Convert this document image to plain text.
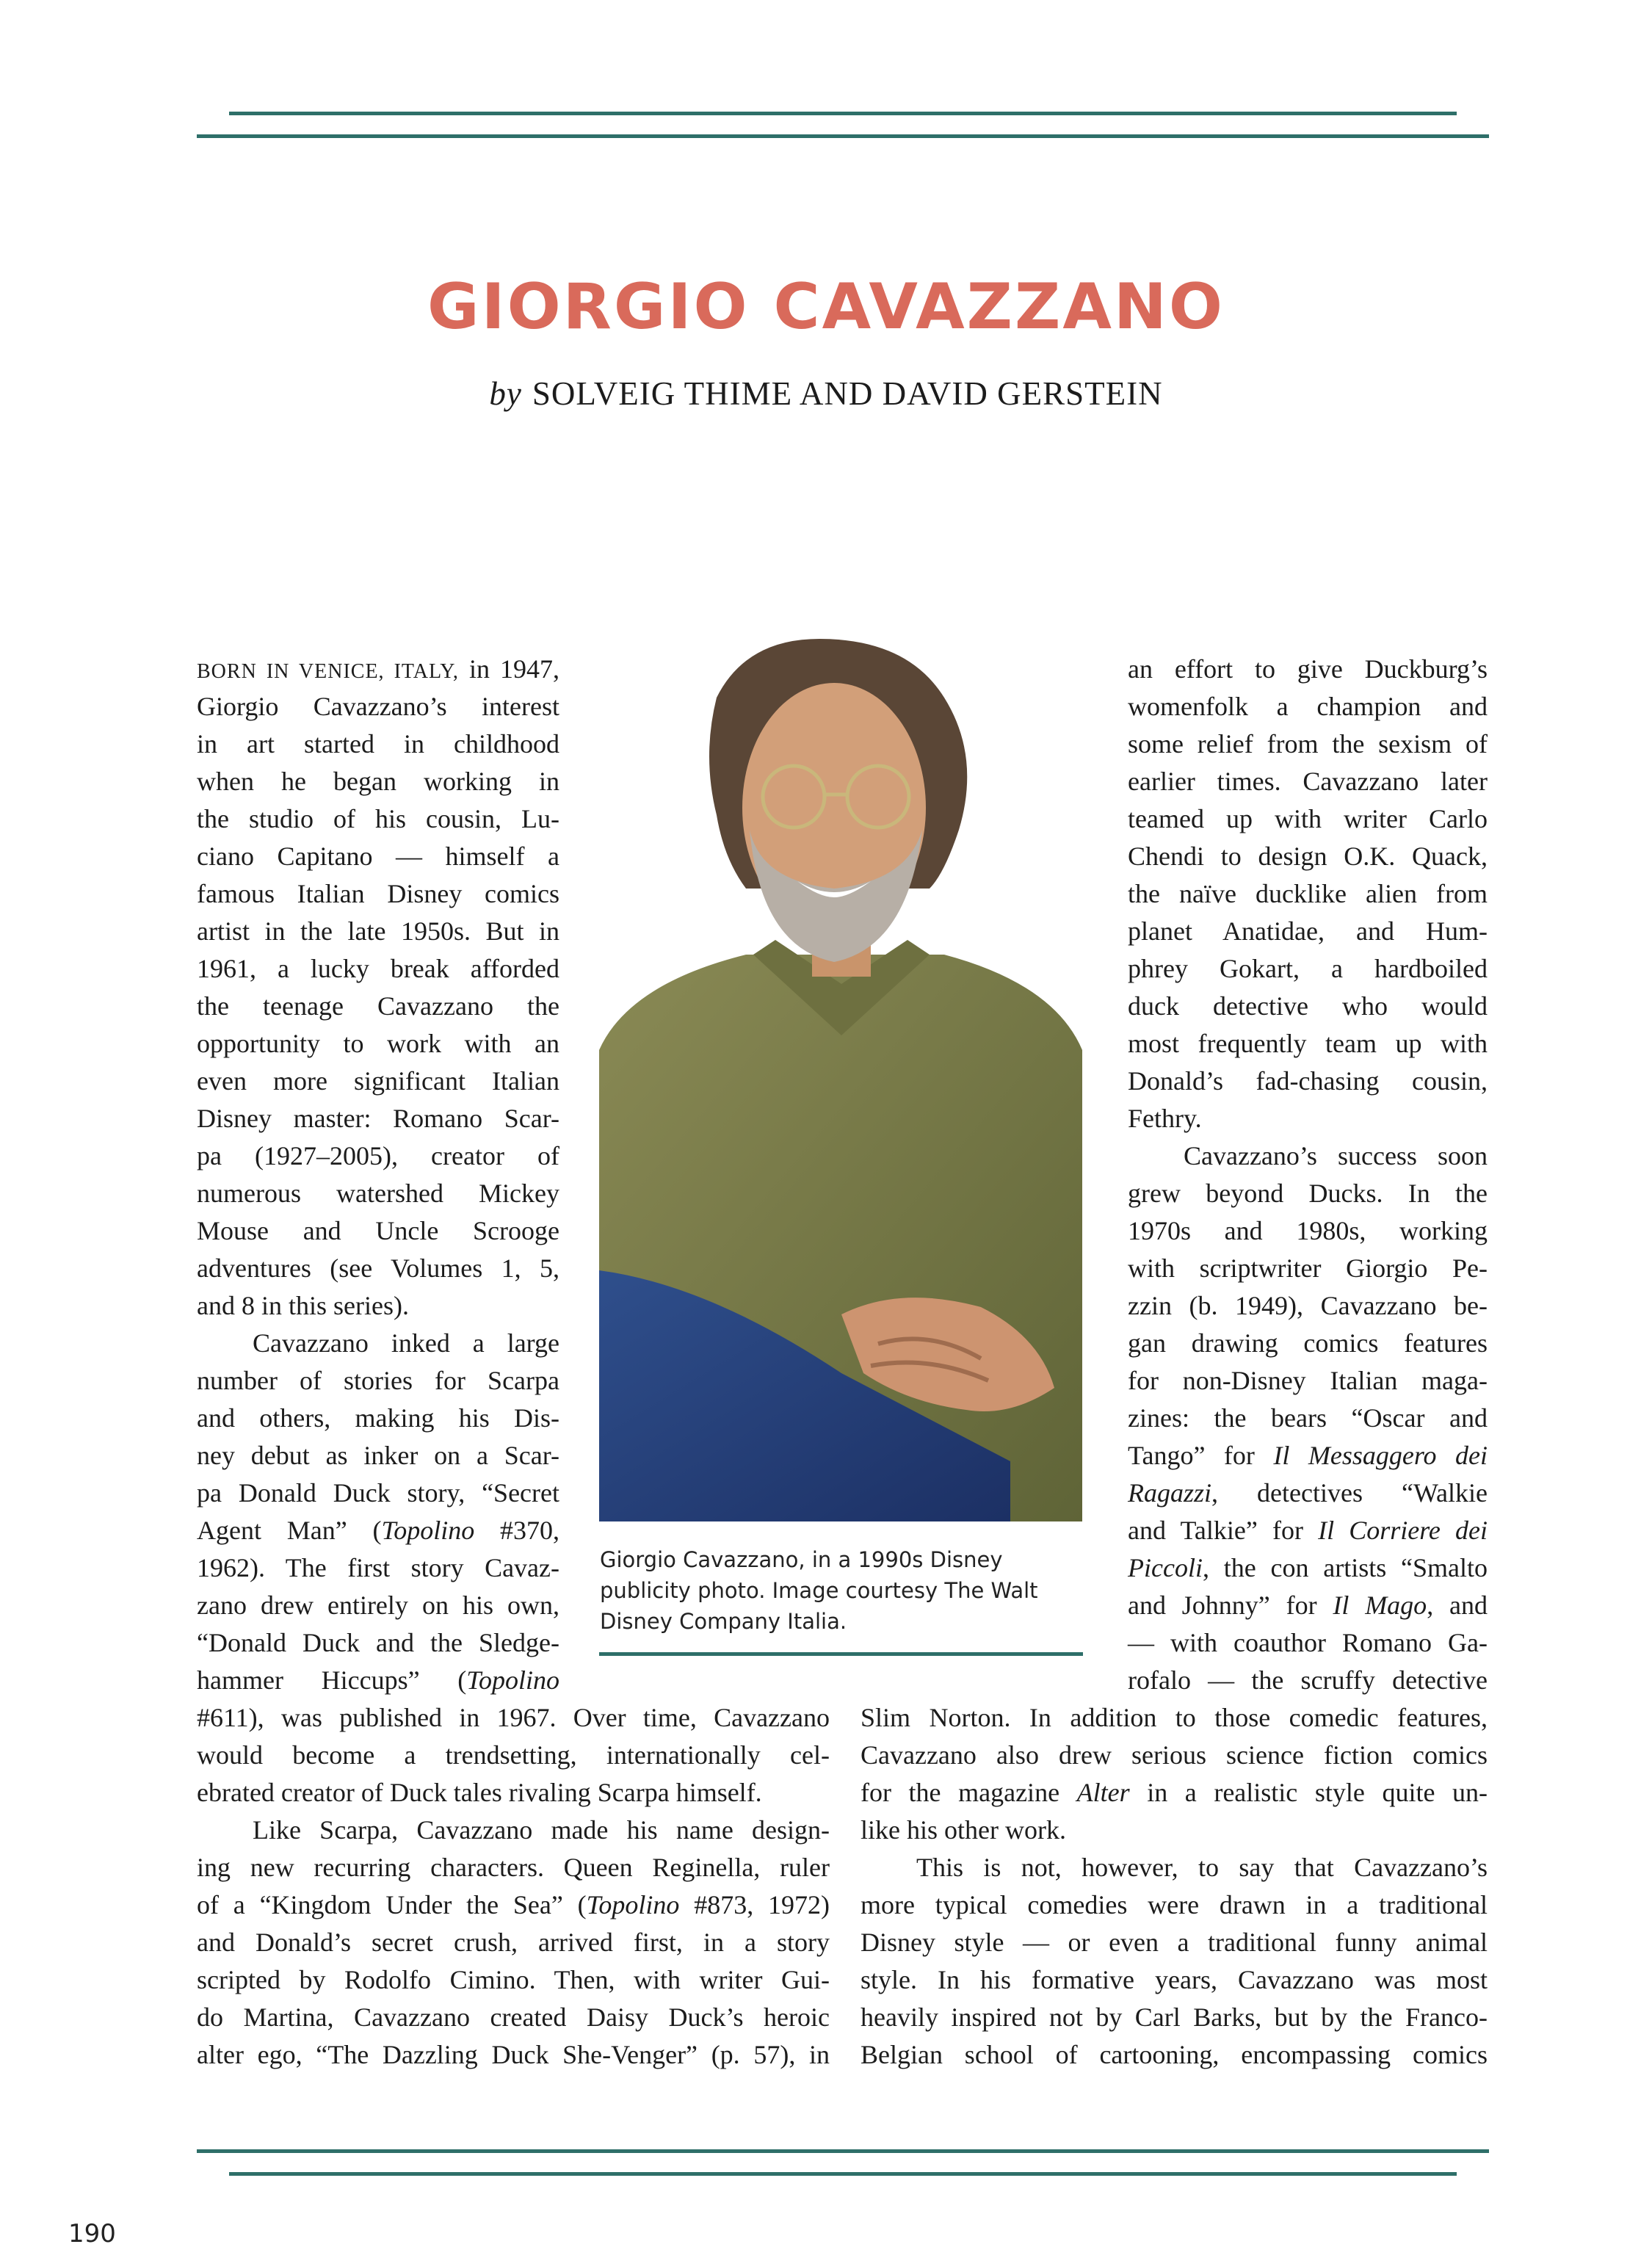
GIORGIO CAVAZZANO

by SOLVEIG THIME AND DAVID GERSTEIN

Giorgio Cavazzano, in a 1990s Disney publicity photo. Image courtesy The Walt Disney Company Italia.
BORN IN VENICE, ITALY, in 1947,
Giorgio Cavazzano’s interest
in art started in childhood
when he began working in
the studio of his cousin, Lu-
ciano Capitano — himself a
famous Italian Disney comics
artist in the late 1950s. But in
1961, a lucky break afforded
the teenage Cavazzano the
opportunity to work with an
even more significant Italian
Disney master: Romano Scar-
pa (1927–2005), creator of
numerous watershed Mickey
Mouse and Uncle Scrooge
adventures (see Volumes 1, 5,
and 8 in this series).
Cavazzano inked a large
number of stories for Scarpa
and others, making his Dis-
ney debut as inker on a Scar-
pa Donald Duck story, “Secret
Agent Man” (Topolino #370,
1962). The first story Cavaz-
zano drew entirely on his own,
“Donald Duck and the Sledge-
hammer Hiccups” (Topolino
#611), was published in 1967. Over time, Cavazzano
would become a trendsetting, internationally cel-
ebrated creator of Duck tales rivaling Scarpa himself.
Like Scarpa, Cavazzano made his name design-
ing new recurring characters. Queen Reginella, ruler
of a “Kingdom Under the Sea” (Topolino #873, 1972)
and Donald’s secret crush, arrived first, in a story
scripted by Rodolfo Cimino. Then, with writer Gui-
do Martina, Cavazzano created Daisy Duck’s heroic
alter ego, “The Dazzling Duck She-Venger” (p. 57), in
an effort to give Duckburg’s
womenfolk a champion and
some relief from the sexism of
earlier times. Cavazzano later
teamed up with writer Carlo
Chendi to design O.K. Quack,
the naïve ducklike alien from
planet Anatidae, and Hum-
phrey Gokart, a hardboiled
duck detective who would
most frequently team up with
Donald’s fad-chasing cousin,
Fethry.
Cavazzano’s success soon
grew beyond Ducks. In the
1970s and 1980s, working
with scriptwriter Giorgio Pe-
zzin (b. 1949), Cavazzano be-
gan drawing comics features
for non-Disney Italian maga-
zines: the bears “Oscar and
Tango” for Il Messaggero dei
Ragazzi, detectives “Walkie
and Talkie” for Il Corriere dei
Piccoli, the con artists “Smalto
and Johnny” for Il Mago, and
— with coauthor Romano Ga-
rofalo — the scruffy detective
Slim Norton. In addition to those comedic features,
Cavazzano also drew serious science fiction comics
for the magazine Alter in a realistic style quite un-
like his other work.
This is not, however, to say that Cavazzano’s
more typical comedies were drawn in a traditional
Disney style — or even a traditional funny animal
style. In his formative years, Cavazzano was most
heavily inspired not by Carl Barks, but by the Franco-
Belgian school of cartooning, encompassing comics
190
